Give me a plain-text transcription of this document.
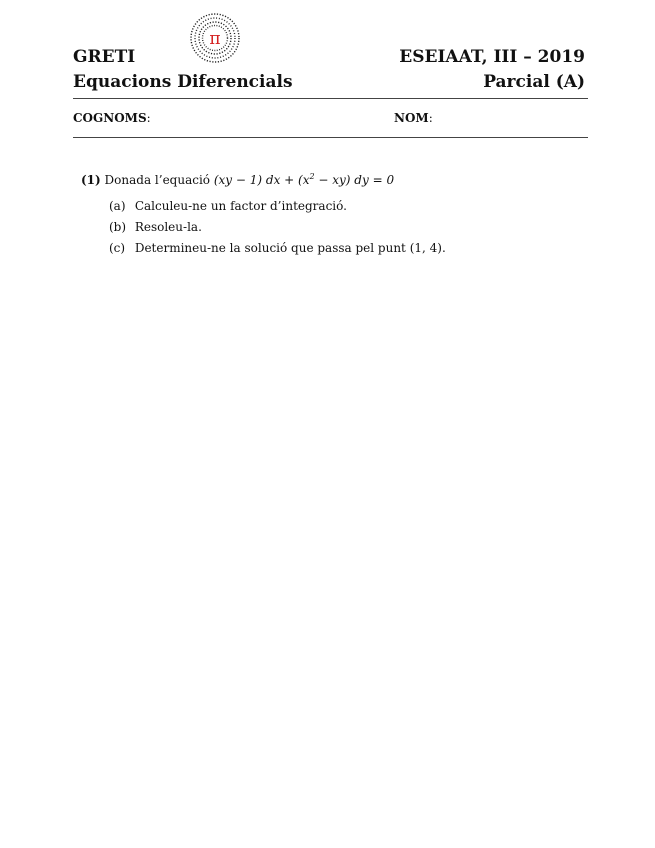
π
GRETI
Equacions Diferencials
ESEIAAT, III – 2019
Parcial (A)
COGNOMS:	NOM:
(1) Donada l’equació (xy − 1) dx + $(x^2 - xy)$ dy = 0
(a) Calculeu-ne un factor d’integració.
(b) Resoleu-la.
(c) Determineu-ne la solució que passa pel punt (1, 4).
